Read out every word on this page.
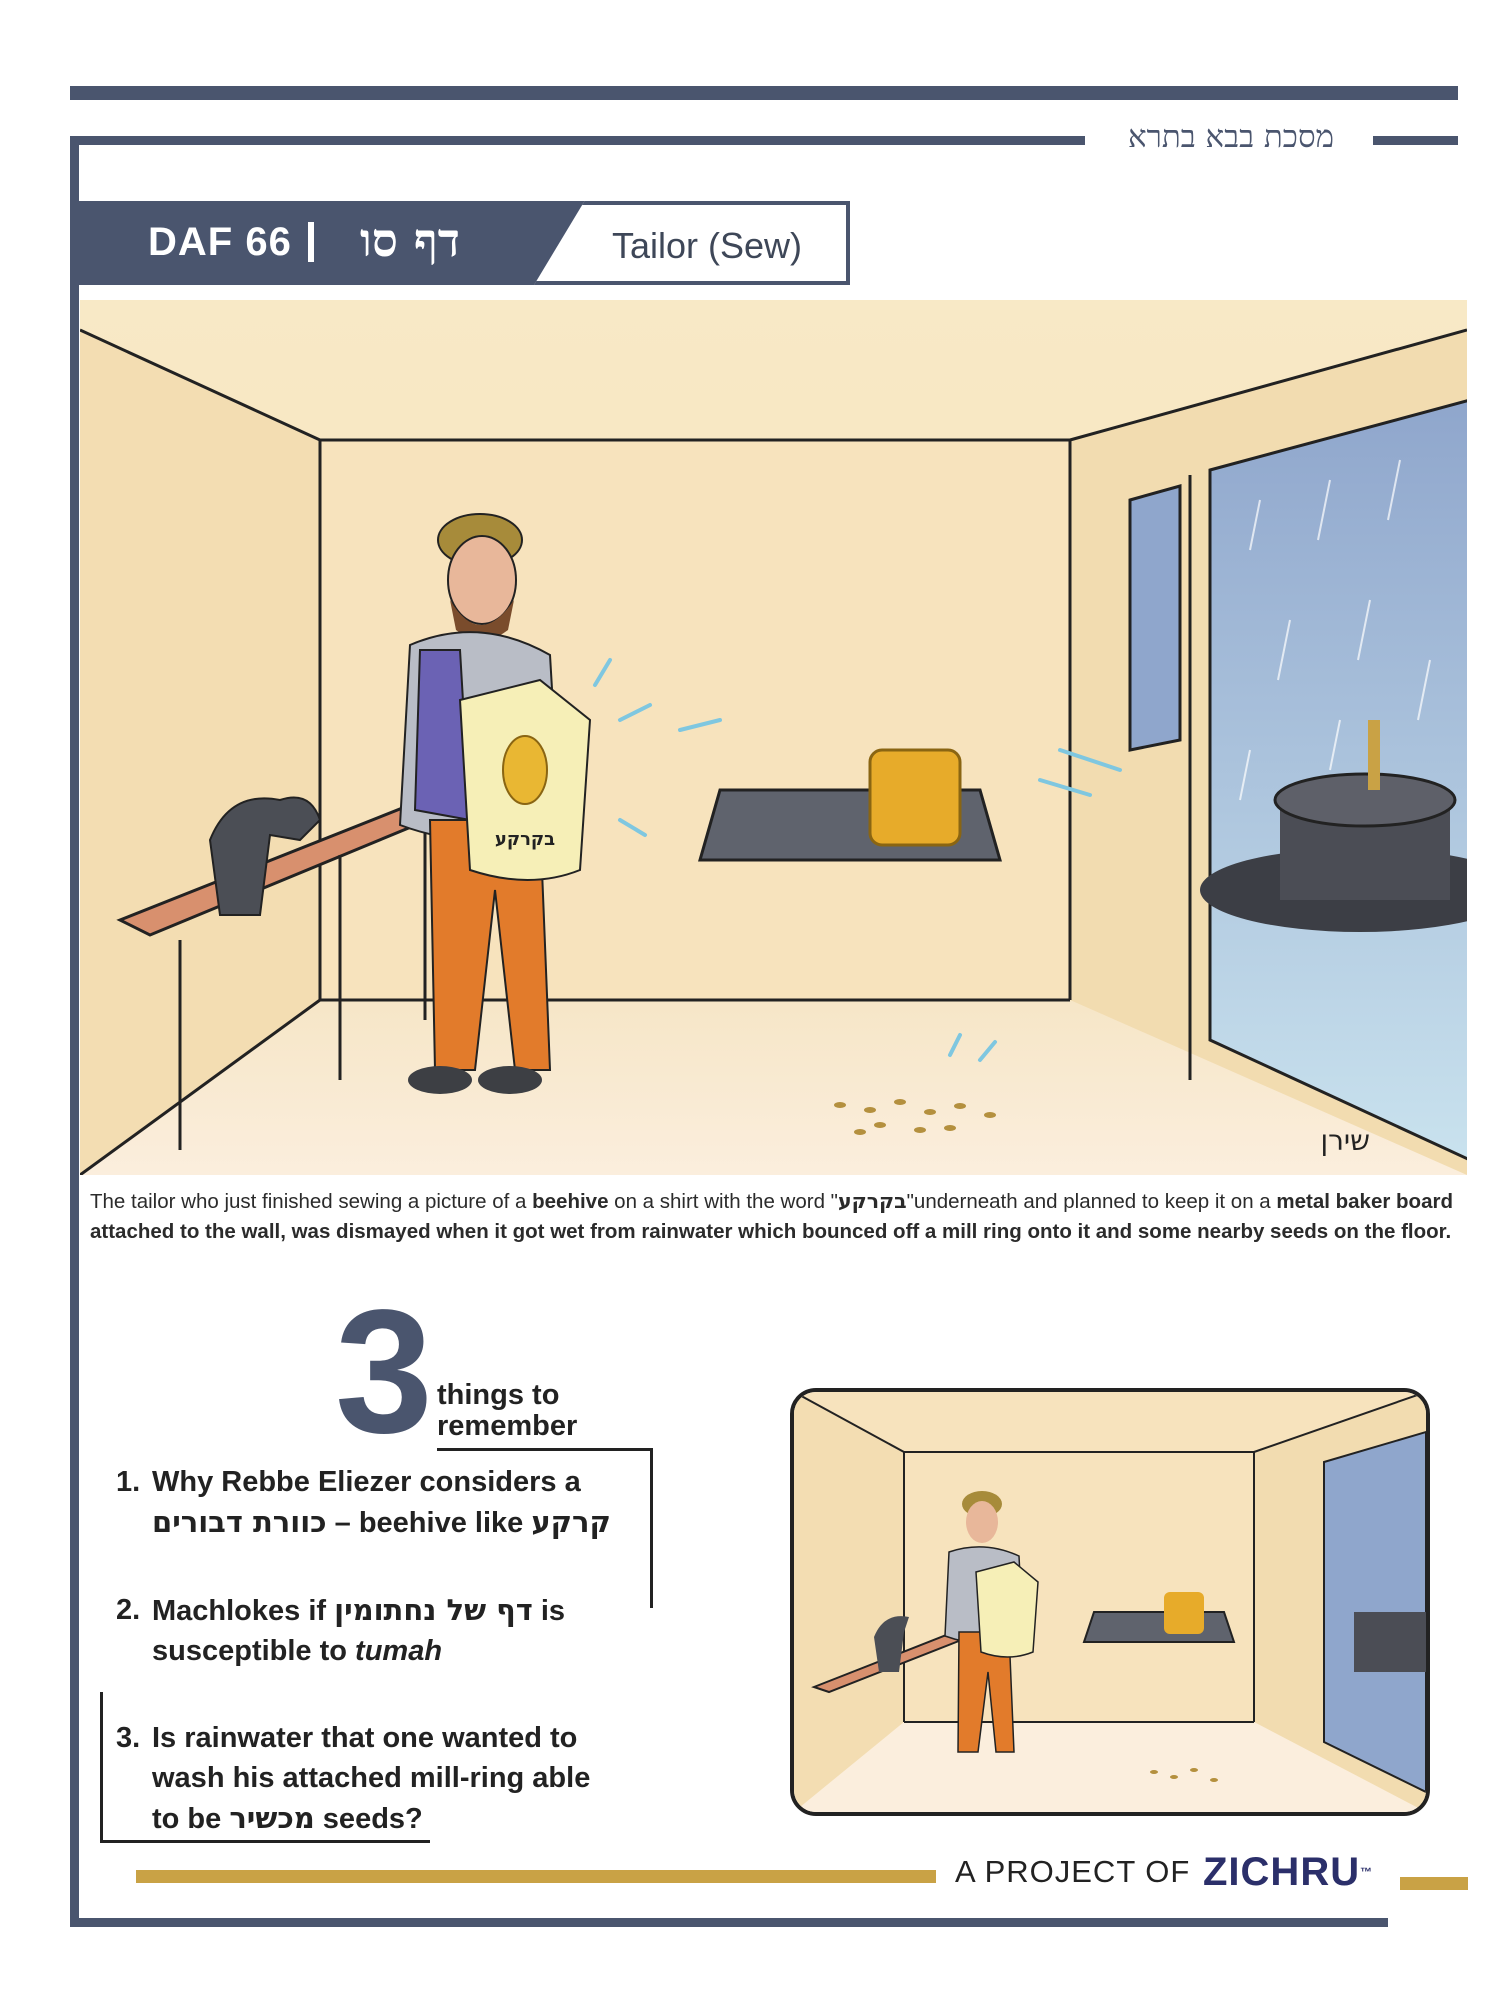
מסכת בבא בתרא
DAF 66 דף סו	Tailor (Sew)
בקרקע
שירן
The tailor who just finished sewing a picture of a beehive on a shirt with the word "בקרקע"underneath and planned to keep it on a metal baker board attached to the wall, was dismayed when it got wet from rainwater which bounced off a mill ring onto it and some nearby seeds on the floor.
3 things to
remember
1. Why Rebbe Eliezer considers a
כוורת דבורים – beehive like קרקע
2. Machlokes if דף של נחתומין is
susceptible to tumah
3. Is rainwater that one wanted to
wash his attached mill-ring able
to be מכשיר seeds?
A PROJECT OF ZICHRU™
